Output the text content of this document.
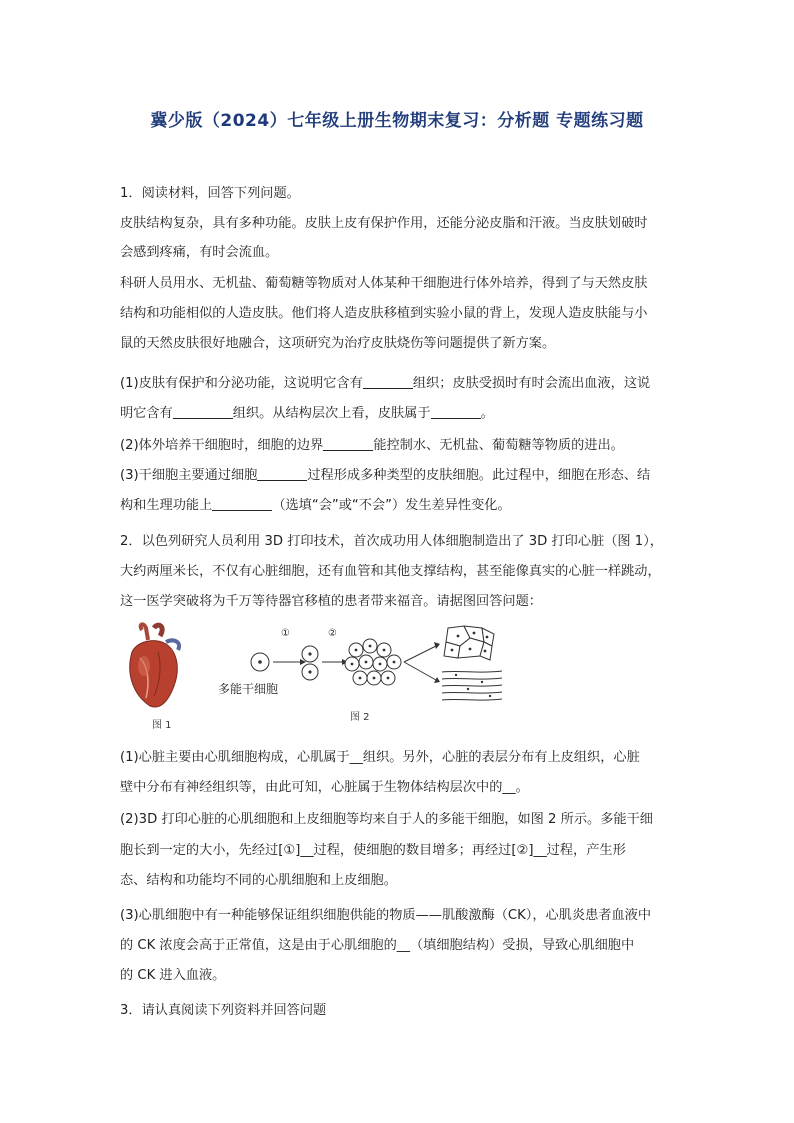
冀少版（2024）七年级上册生物期末复习：分析题 专题练习题
1．阅读材料，回答下列问题。
皮肤结构复杂，具有多种功能。皮肤上皮有保护作用，还能分泌皮脂和汗液。当皮肤划破时
会感到疼痛，有时会流血。
科研人员用水、无机盐、葡萄糖等物质对人体某种干细胞进行体外培养，得到了与天然皮肤
结构和功能相似的人造皮肤。他们将人造皮肤移植到实验小鼠的背上，发现人造皮肤能与小
鼠的天然皮肤很好地融合，这项研究为治疗皮肤烧伤等问题提供了新方案。
(1)皮肤有保护和分泌功能，这说明它含有	组织；皮肤受损时有时会流出血液，这说
明它含有	组织。从结构层次上看，皮肤属于	。
(2)体外培养干细胞时，细胞的边界	能控制水、无机盐、葡萄糖等物质的进出。
(3)干细胞主要通过细胞	过程形成多种类型的皮肤细胞。此过程中，细胞在形态、结
构和生理功能上	（选填“会”或“不会”）发生差异性变化。
2．以色列研究人员利用 3D 打印技术，首次成功用人体细胞制造出了 3D 打印心脏（图 1），
大约两厘米长，不仅有心脏细胞，还有血管和其他支撑结构，甚至能像真实的心脏一样跳动，
这一医学突破将为千万等待器官移植的患者带来福音。请据图回答问题：
①	②
多能干细胞
图 1
图 2
(1)心脏主要由心肌细胞构成，心肌属于__组织。另外，心脏的表层分布有上皮组织，心脏
壁中分布有神经组织等，由此可知，心脏属于生物体结构层次中的__。
(2)3D 打印心脏的心肌细胞和上皮细胞等均来自于人的多能干细胞，如图 2 所示。多能干细
胞长到一定的大小，先经过[①]__过程，使细胞的数目增多；再经过[②]__过程，产生形
态、结构和功能均不同的心肌细胞和上皮细胞。
(3)心肌细胞中有一种能够保证组织细胞供能的物质——肌酸激酶（CK），心肌炎患者血液中
的 CK 浓度会高于正常值，这是由于心肌细胞的__（填细胞结构）受损，导致心肌细胞中
的 CK 进入血液。
3．请认真阅读下列资料并回答问题
